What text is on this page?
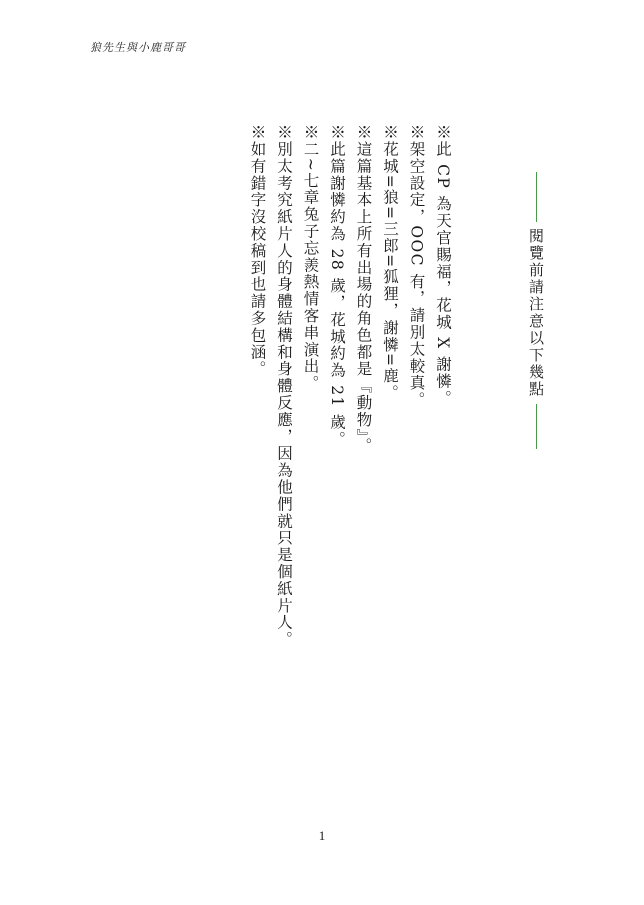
狼先生與小鹿哥哥
閱覽前請注意以下幾點
※此 CP 為天官賜福，花城 X 謝憐。
※架空設定，OOC 有，請別太較真。
※花城=狼=三郎=狐狸，謝憐=鹿。
※這篇基本上所有出場的角色都是『動物』。
※此篇謝憐約為 28 歲，花城約為 21 歲。
※二~七章兔子忘羨熱情客串演出。
※別太考究紙片人的身體結構和身體反應，因為他們就只是個紙片人。
※如有錯字沒校稿到也請多包涵。
1
